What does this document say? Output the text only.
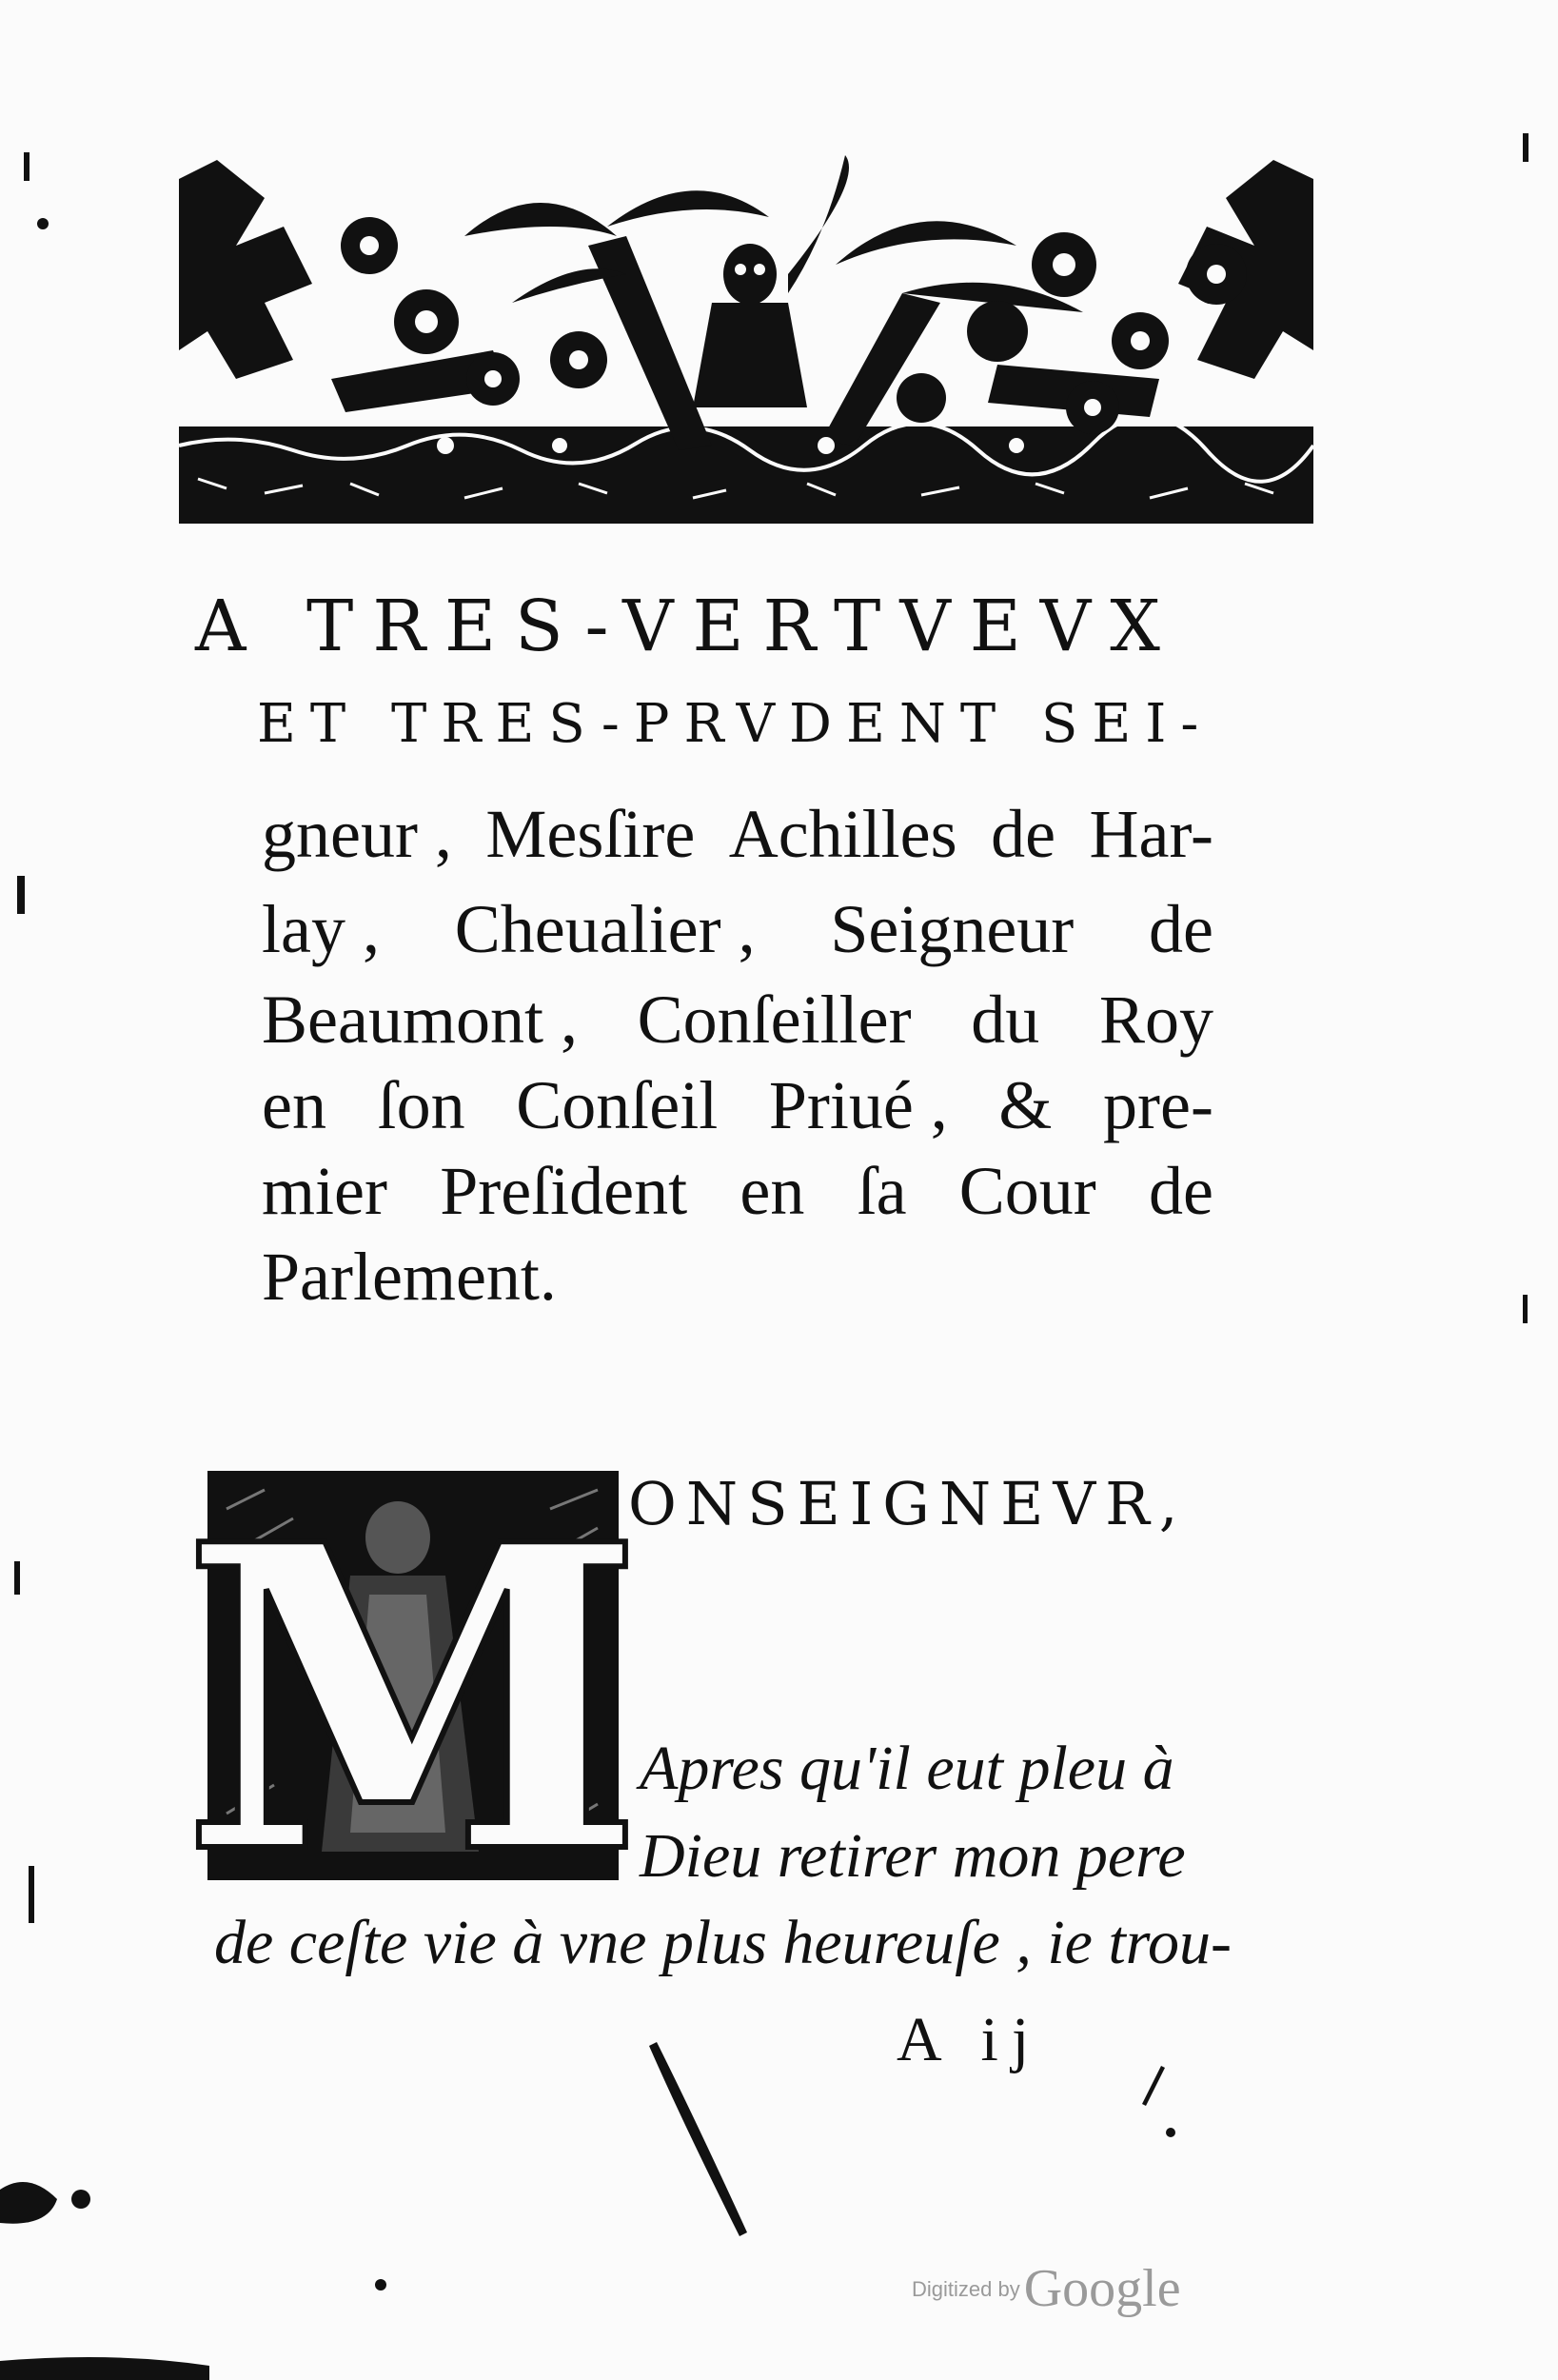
A TRES-VERTVEVX
ET TRES-PRVDENT SEI-
gneur , Mesſire Achilles de Har-
lay , Cheualier , Seigneur de
Beaumont , Conſeiller du Roy
en ſon Conſeil Priué , & pre-
mier Preſident en ſa Cour de
Parlement.
M
ONSEIGNEVR,
Apres qu'il eut pleu à
Dieu retirer mon pere
de ceſte vie à vne plus heureuſe , ie trou-
A ij
Digitized byGoogle
